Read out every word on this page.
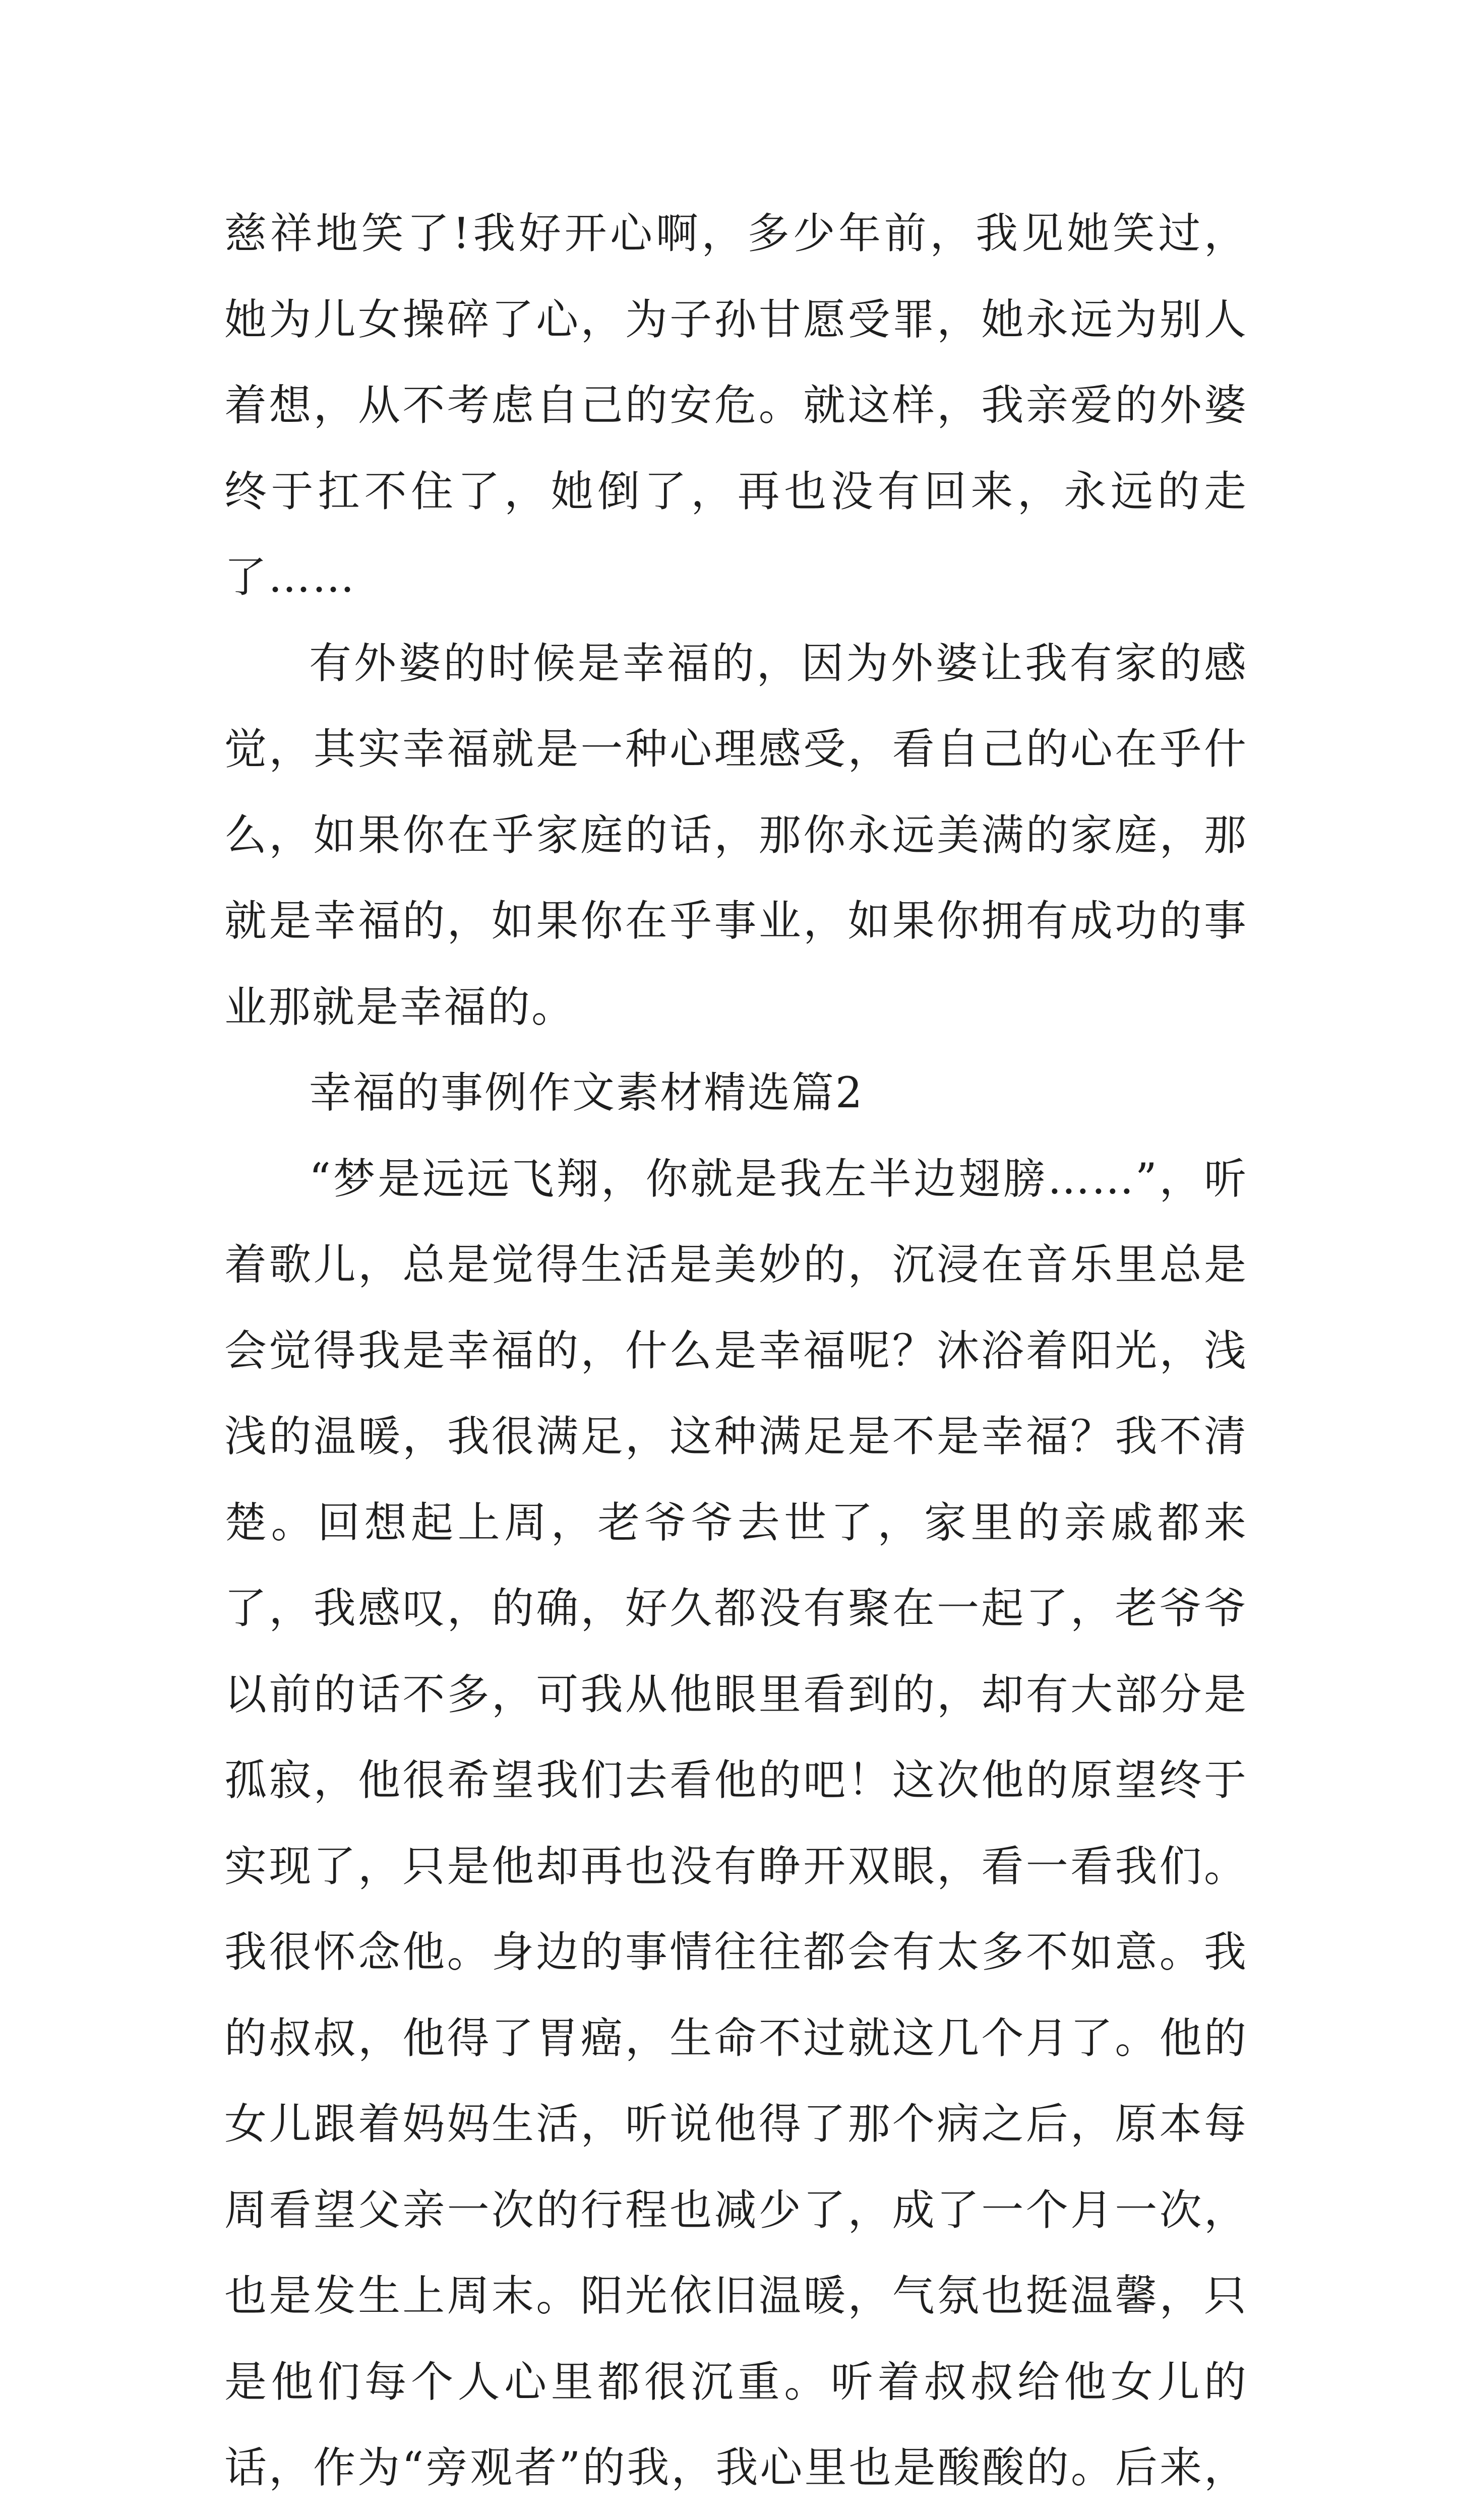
慈祥地笑了!我好开心啊，多少年前，我见她笑过，她为儿女操碎了心，为子孙甘愿受罪，她永远为别人着想，从不考虑自己的安危。就这样，我亲爱的外婆终于扛不住了，她倒了，再也没有回来，永远的走了……

有外婆的时候是幸福的，因为外婆让我有家的感觉，其实幸福就是一种心理感受，看自己的心在乎什么，如果你在乎家庭的话，那你永远美满的家庭，那就是幸福的，如果你在乎事业，如果你拥有成功的事业那就是幸福的。

幸福的事例作文素材精选篇2

“梦是远远飞翔，你就是我左半边翅膀……”，听着歌儿，总是觉得生活是美妙的，沉浸在音乐里总是会觉得我是幸福的，什么是幸福呢？沐浴着阳光，浅浅的温暖，我很满足，这种满足是不是幸福？我不清楚。回想起上周，老爷爷去世了，家里的亲戚都来了，我感叹，的确，好久都没有聚在一起了，老爷爷以前的话不多，可我从他眼里看到的，却有大部分是孤寂，他很希望我们去看他的吧！这次他的原望终于实现了，只是他却再也没有睁开双眼，看一看我们。我很怀念他。身边的事情往往都会有太多不如意。我的叔叔，他得了胃癌，生命不过就这几个月了。他的女儿跟着妈妈生活，听说他得了那个病之后，原本每周看望父亲一次的行程也减少了，成了一个月一次，也是发生上周末。阳光依旧温暖，气氛也挺温馨，只是他们每个人心里都很沉重。听着叔叔给他女儿的话，作为“旁观者”的我，我心里也是酸酸的。后来，
